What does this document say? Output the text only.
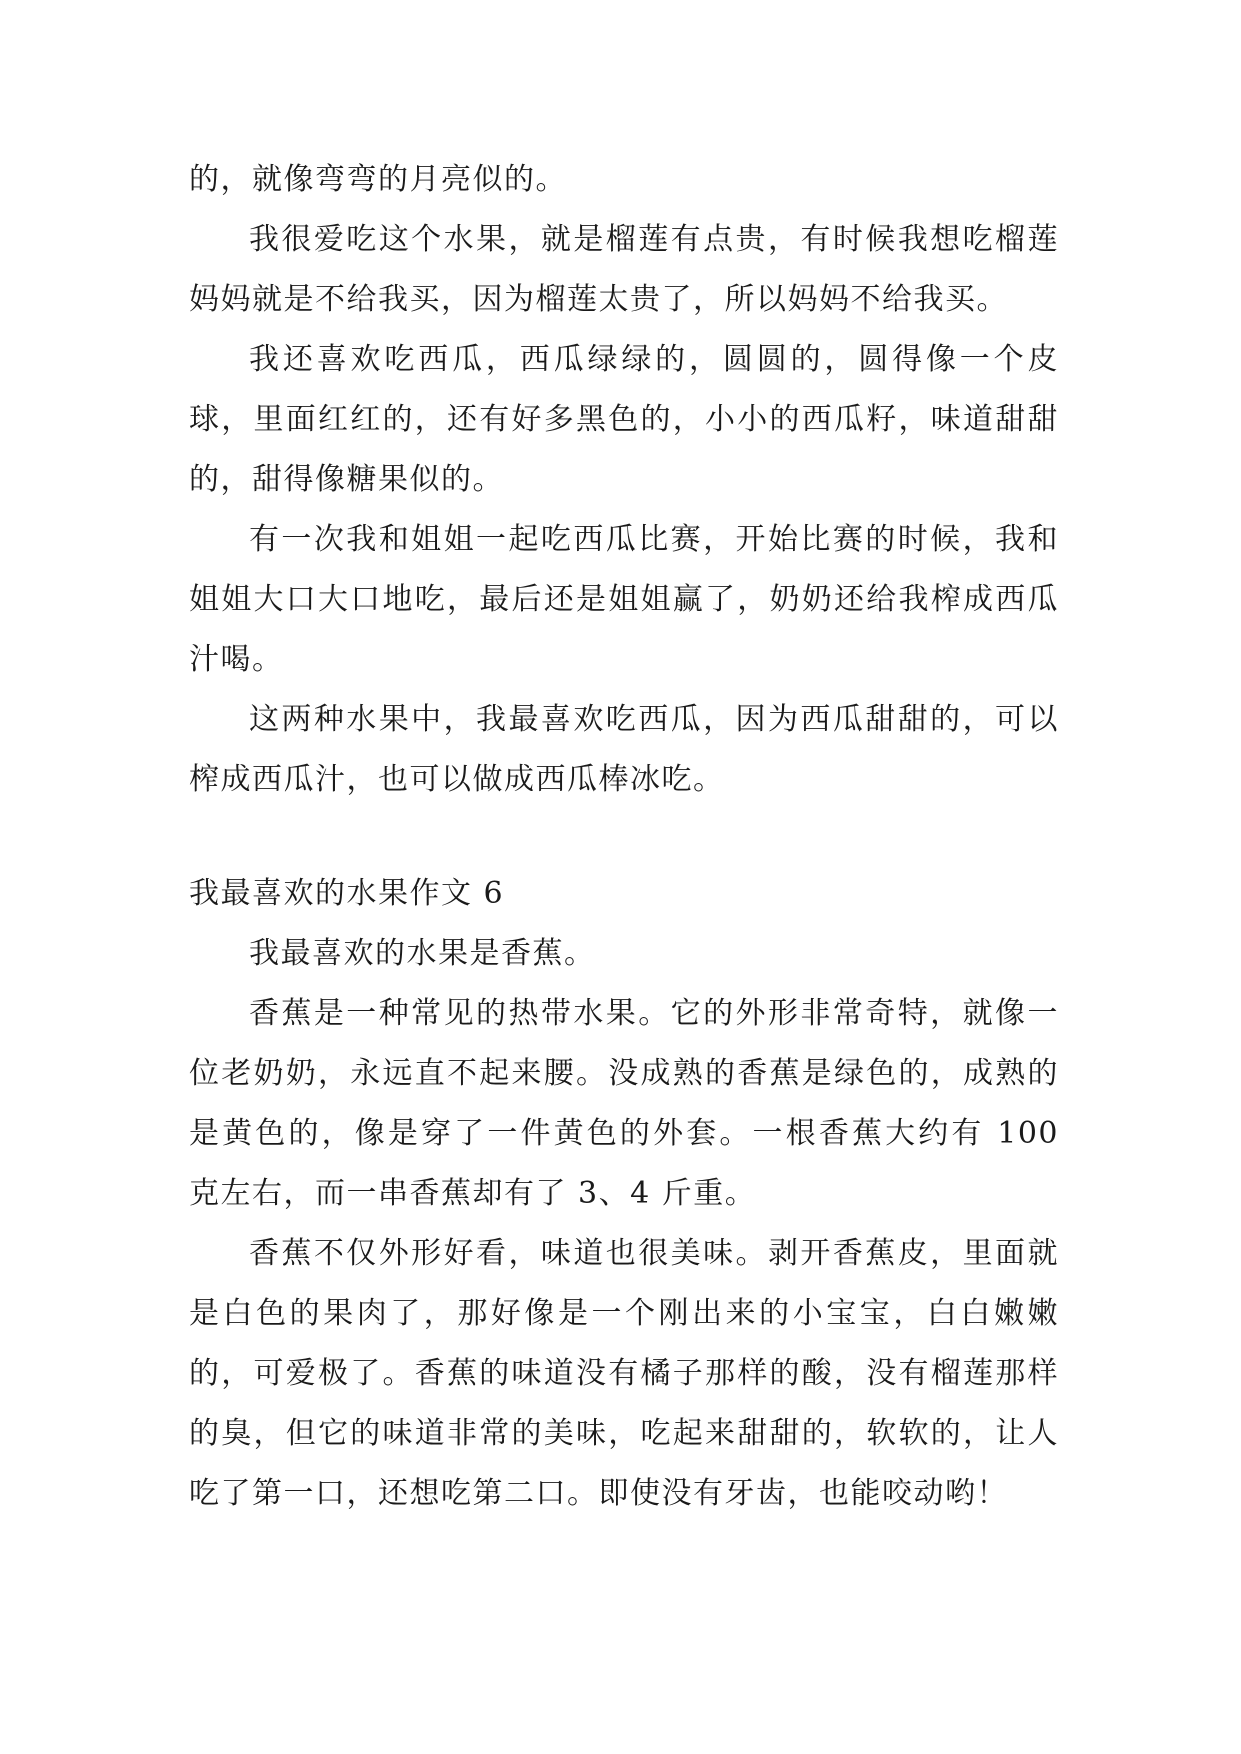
的，就像弯弯的月亮似的。

我很爱吃这个水果，就是榴莲有点贵，有时候我想吃榴莲妈妈就是不给我买，因为榴莲太贵了，所以妈妈不给我买。

我还喜欢吃西瓜，西瓜绿绿的，圆圆的，圆得像一个皮球，里面红红的，还有好多黑色的，小小的西瓜籽，味道甜甜的，甜得像糖果似的。

有一次我和姐姐一起吃西瓜比赛，开始比赛的时候，我和姐姐大口大口地吃，最后还是姐姐赢了，奶奶还给我榨成西瓜汁喝。

这两种水果中，我最喜欢吃西瓜，因为西瓜甜甜的，可以榨成西瓜汁，也可以做成西瓜棒冰吃。

我最喜欢的水果作文 6

我最喜欢的水果是香蕉。

香蕉是一种常见的热带水果。它的外形非常奇特，就像一位老奶奶，永远直不起来腰。没成熟的香蕉是绿色的，成熟的是黄色的，像是穿了一件黄色的外套。一根香蕉大约有 100 克左右，而一串香蕉却有了 3、4 斤重。

香蕉不仅外形好看，味道也很美味。剥开香蕉皮，里面就是白色的果肉了，那好像是一个刚出来的小宝宝，白白嫩嫩的，可爱极了。香蕉的味道没有橘子那样的酸，没有榴莲那样的臭，但它的味道非常的美味，吃起来甜甜的，软软的，让人吃了第一口，还想吃第二口。即使没有牙齿，也能咬动哟！
